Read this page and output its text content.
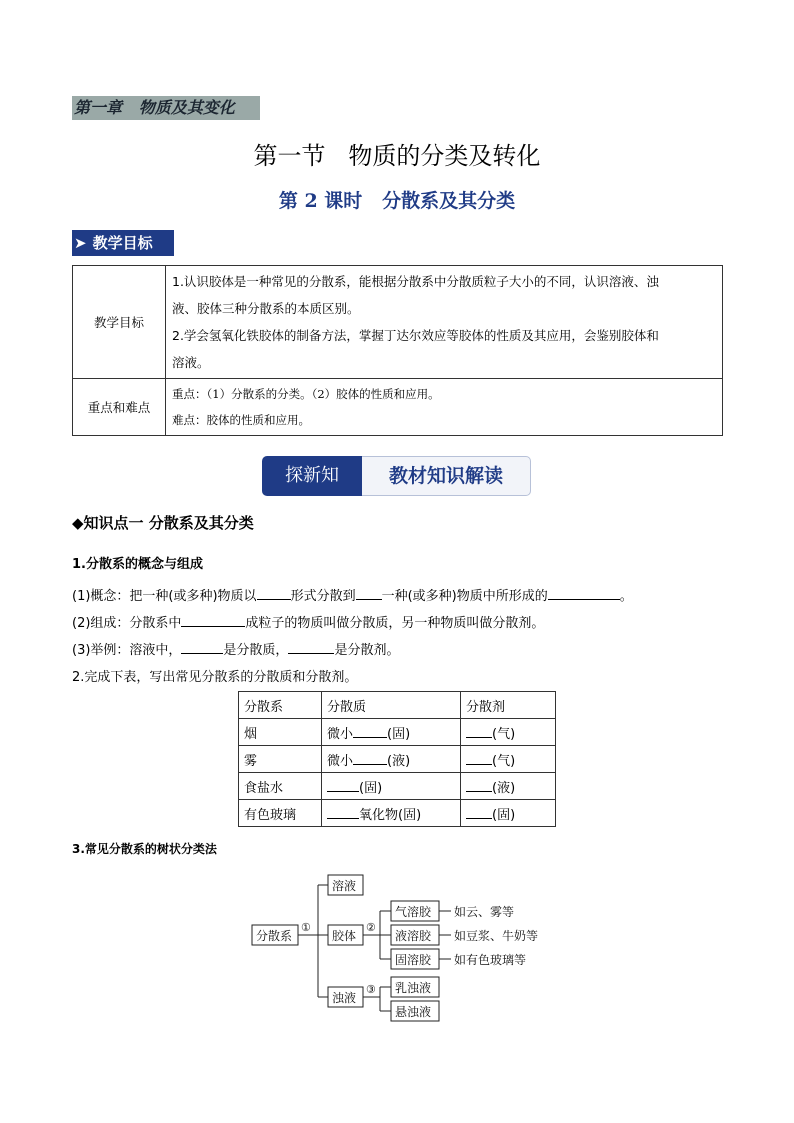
第一章   物质及其变化
第一节   物质的分类及转化
第 2 课时   分散系及其分类
➤ 教学目标
教学目标	1.认识胶体是一种常见的分散系，能根据分散系中分散质粒子大小的不同，认识溶液、浊
液、胶体三种分散系的本质区别。
2.学会氢氧化铁胶体的制备方法，掌握丁达尔效应等胶体的性质及其应用，会鉴别胶体和
溶液。

重点和难点	重点：（1）分散系的分类。（2）胶体的性质和应用。
难点：胶体的性质和应用。
探新知	教材知识解读
◆知识点一 分散系及其分类
1.分散系的概念与组成
(1)概念：把一种(或多种)物质以	形式分散到 一种(或多种)物质中所形成的	。
(2)组成：分散系中	成粒子的物质叫做分散质，另一种物质叫做分散剂。
(3)举例：溶液中，	是分散质，	是分散剂。
2.完成下表，写出常见分散系的分散质和分散剂。
分散系	分散质	分散剂
烟	微小 (固)	(气)
雾	微小 (液)	(气)
食盐水	(固)	(液)
有色玻璃	氧化物(固)	(固)
3.常见分散系的树状分类法
分散系
①
溶液
胶体
浊液
②
③
气溶胶
液溶胶
固溶胶
如云、雾等
如豆浆、牛奶等
如有色玻璃等
乳浊液
悬浊液
